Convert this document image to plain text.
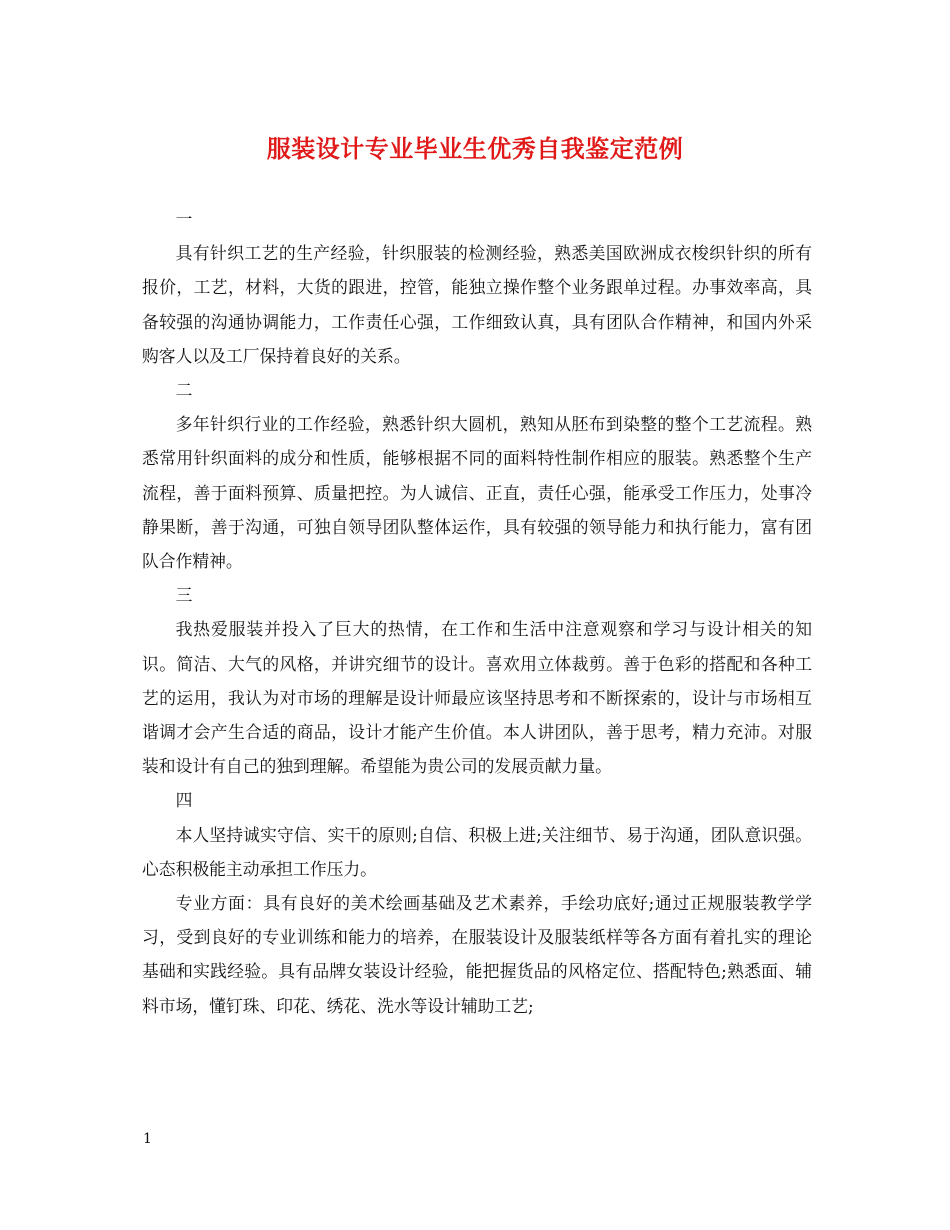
服装设计专业毕业生优秀自我鉴定范例

一

具有针织工艺的生产经验，针织服装的检测经验，熟悉美国欧洲成衣梭织针织的所有报价，工艺，材料，大货的跟进，控管，能独立操作整个业务跟单过程。办事效率高，具备较强的沟通协调能力，工作责任心强，工作细致认真，具有团队合作精神，和国内外采购客人以及工厂保持着良好的关系。

二

多年针织行业的工作经验，熟悉针织大圆机，熟知从胚布到染整的整个工艺流程。熟悉常用针织面料的成分和性质，能够根据不同的面料特性制作相应的服装。熟悉整个生产流程，善于面料预算、质量把控。为人诚信、正直，责任心强，能承受工作压力，处事冷静果断，善于沟通，可独自领导团队整体运作，具有较强的领导能力和执行能力，富有团队合作精神。

三

我热爱服装并投入了巨大的热情，在工作和生活中注意观察和学习与设计相关的知识。简洁、大气的风格，并讲究细节的设计。喜欢用立体裁剪。善于色彩的搭配和各种工艺的运用，我认为对市场的理解是设计师最应该坚持思考和不断探索的，设计与市场相互谐调才会产生合适的商品，设计才能产生价值。本人讲团队，善于思考，精力充沛。对服装和设计有自己的独到理解。希望能为贵公司的发展贡献力量。

四

本人坚持诚实守信、实干的原则;自信、积极上进;关注细节、易于沟通，团队意识强。心态积极能主动承担工作压力。

专业方面：具有良好的美术绘画基础及艺术素养，手绘功底好;通过正规服装教学学习，受到良好的专业训练和能力的培养，在服装设计及服装纸样等各方面有着扎实的理论基础和实践经验。具有品牌女装设计经验，能把握货品的风格定位、搭配特色;熟悉面、辅料市场，懂钉珠、印花、绣花、洗水等设计辅助工艺;

1
